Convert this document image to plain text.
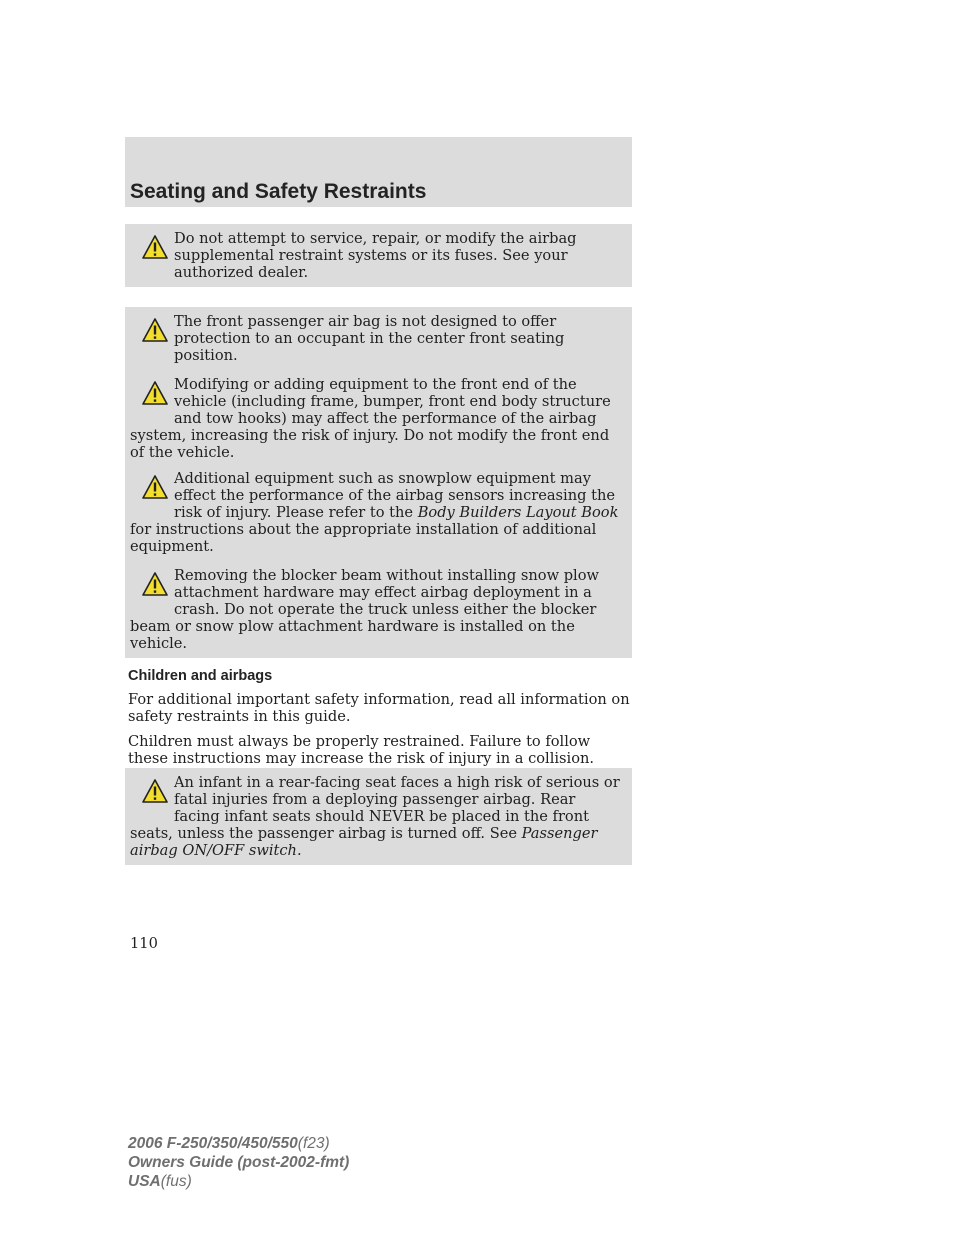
Seating and Safety Restraints

Do not attempt to service, repair, or modify the airbag supplemental restraint systems or its fuses. See your authorized dealer.

The front passenger air bag is not designed to offer protection to an occupant in the center front seating position.

Modifying or adding equipment to the front end of the vehicle (including frame, bumper, front end body structure and tow hooks) may affect the performance of the airbag system, increasing the risk of injury. Do not modify the front end of the vehicle.

Additional equipment such as snowplow equipment may effect the performance of the airbag sensors increasing the risk of injury. Please refer to the Body Builders Layout Book for instructions about the appropriate installation of additional equipment.

Removing the blocker beam without installing snow plow attachment hardware may effect airbag deployment in a crash. Do not operate the truck unless either the blocker beam or snow plow attachment hardware is installed on the vehicle.

Children and airbags

For additional important safety information, read all information on safety restraints in this guide.

Children must always be properly restrained. Failure to follow these instructions may increase the risk of injury in a collision.

An infant in a rear-facing seat faces a high risk of serious or fatal injuries from a deploying passenger airbag. Rear facing infant seats should NEVER be placed in the front seats, unless the passenger airbag is turned off. See Passenger airbag ON/OFF switch.

110
2006 F-250/350/450/550(f23)
Owners Guide (post-2002-fmt)
USA(fus)
